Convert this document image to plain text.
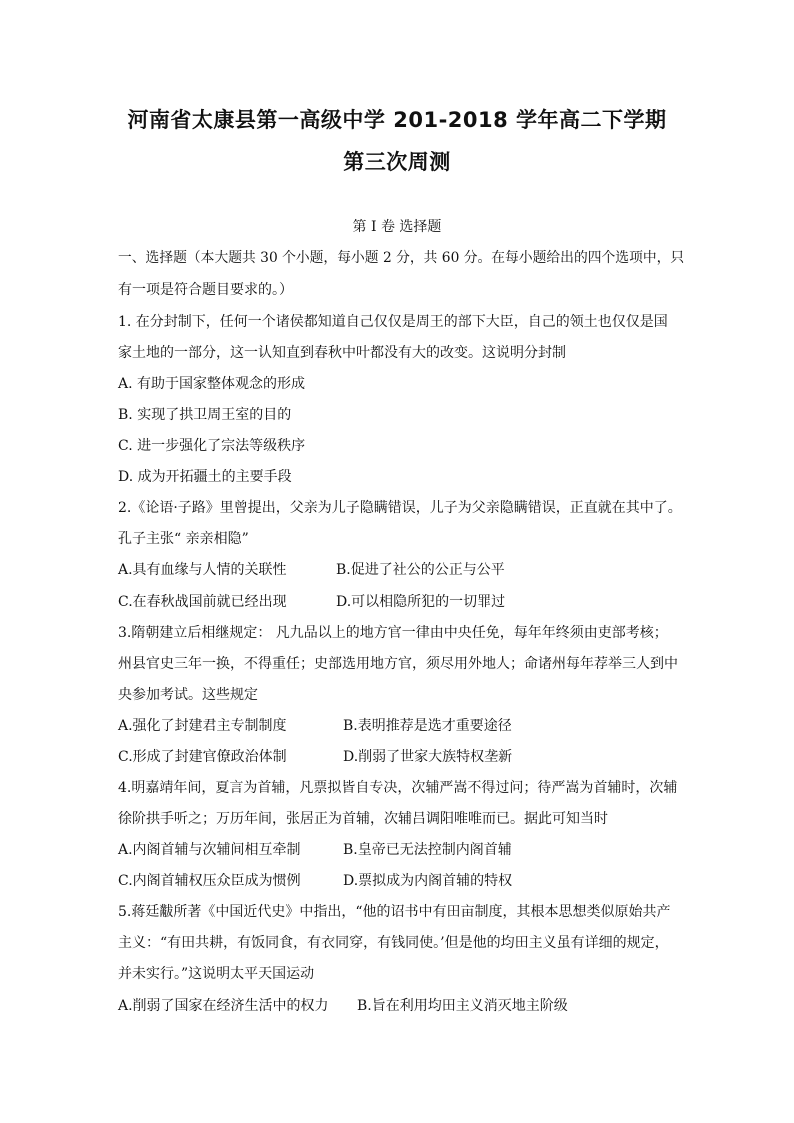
河南省太康县第一高级中学 201-2018 学年高二下学期
第三次周测
第 I 卷 选择题
一、选择题（本大题共 30 个小题，每小题 2 分，共 60 分。在每小题给出的四个选项中，只
有一项是符合题目要求的。）
1. 在分封制下，任何一个诸侯都知道自己仅仅是周王的部下大臣，自己的领土也仅仅是国
家土地的一部分，这一认知直到春秋中叶都没有大的改变。这说明分封制
A. 有助于国家整体观念的形成
B. 实现了拱卫周王室的目的
C. 进一步强化了宗法等级秩序
D. 成为开拓疆土的主要手段
2.《论语·子路》里曾提出，父亲为儿子隐瞒错误，儿子为父亲隐瞒错误，正直就在其中了。
孔子主张“ 亲亲相隐”
A.具有血缘与人情的关联性	B.促进了社公的公正与公平
C.在春秋战国前就已经出现	D.可以相隐所犯的一切罪过
3.隋朝建立后相继规定： 凡九品以上的地方官一律由中央任免，每年年终须由吏部考核；
州县官史三年一换，不得重任；史部选用地方官，须尽用外地人；命诸州每年荐举三人到中
央参加考试。这些规定
A.强化了封建君主专制制度	B.表明推荐是选才重要途径
C.形成了封建官僚政治体制	D.削弱了世家大族特权垄新
4.明嘉靖年间，夏言为首辅，凡票拟皆自专决，次辅严嵩不得过问；待严嵩为首辅时，次辅
徐阶拱手听之；万历年间，张居正为首辅，次辅吕调阳唯唯而已。据此可知当时
A.内阁首辅与次辅间相互牵制	B.皇帝已无法控制内阁首辅
C.内阁首辅权压众臣成为惯例	D.票拟成为内阁首辅的特权
5.蒋廷黻所著《中国近代史》中指出，“他的诏书中有田亩制度，其根本思想类似原始共产
主义：“有田共耕，有饭同食，有衣同穿，有钱同使。’但是他的均田主义虽有详细的规定，
并未实行。”这说明太平天国运动
A.削弱了国家在经济生活中的权力 B.旨在利用均田主义消灭地主阶级
